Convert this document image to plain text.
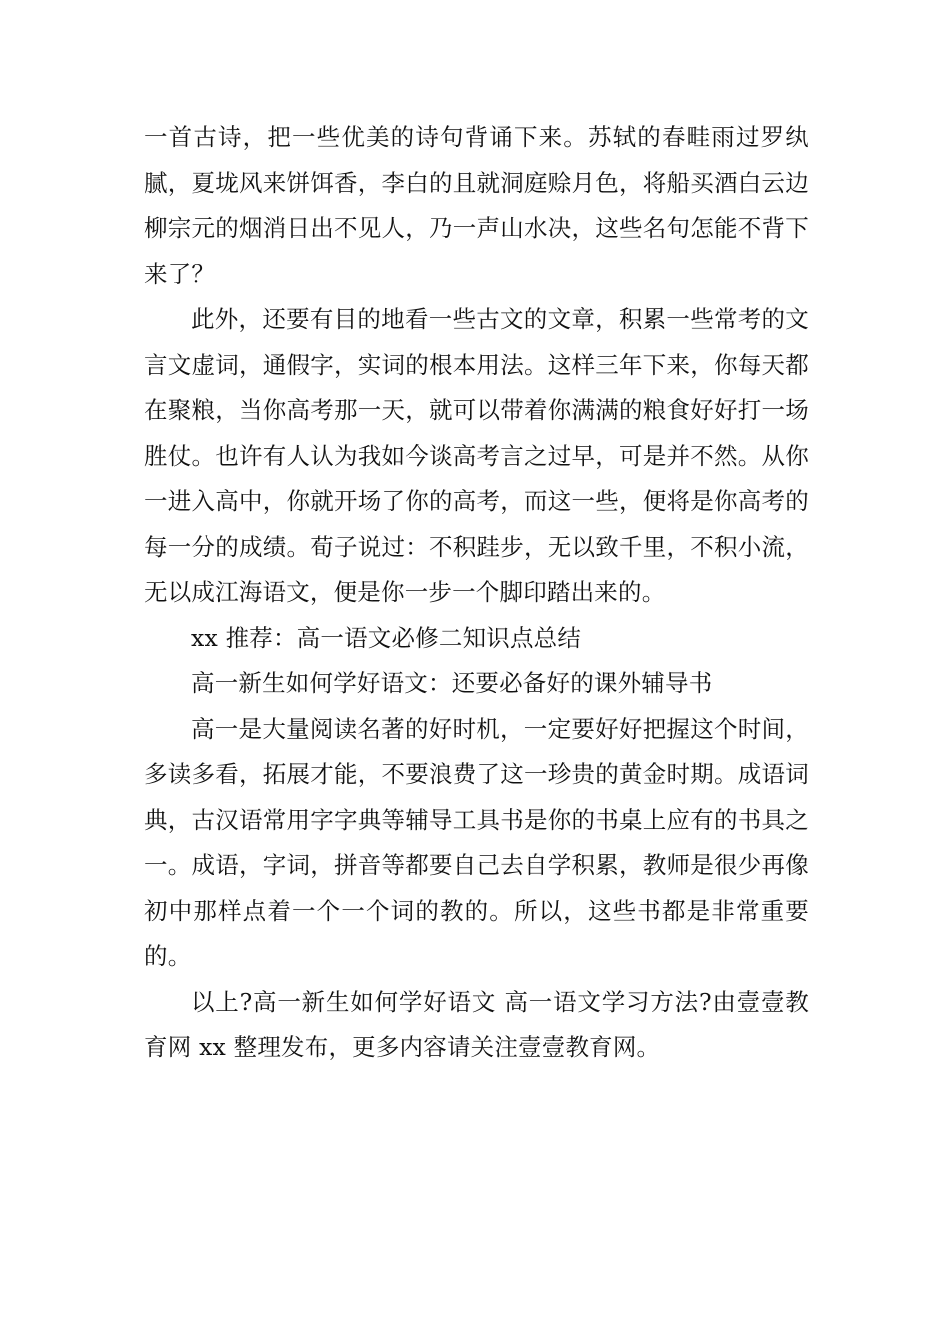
一首古诗，把一些优美的诗句背诵下来。苏轼的春畦雨过罗纨腻，夏垅风来饼饵香，李白的且就洞庭赊月色，将船买酒白云边柳宗元的烟消日出不见人，乃一声山水决，这些名句怎能不背下来了？

此外，还要有目的地看一些古文的文章，积累一些常考的文言文虚词，通假字，实词的根本用法。这样三年下来，你每天都在聚粮，当你高考那一天，就可以带着你满满的粮食好好打一场胜仗。也许有人认为我如今谈高考言之过早，可是并不然。从你一进入高中，你就开场了你的高考，而这一些，便将是你高考的每一分的成绩。荀子说过：不积跬步，无以致千里，不积小流，无以成江海语文，便是你一步一个脚印踏出来的。

xx 推荐：高一语文必修二知识点总结

高一新生如何学好语文：还要必备好的课外辅导书

高一是大量阅读名著的好时机，一定要好好把握这个时间，多读多看，拓展才能，不要浪费了这一珍贵的黄金时期。成语词典，古汉语常用字字典等辅导工具书是你的书桌上应有的书具之一。成语，字词，拼音等都要自己去自学积累，教师是很少再像初中那样点着一个一个词的教的。所以，这些书都是非常重要的。

以上?高一新生如何学好语文 高一语文学习方法?由壹壹教育网 xx 整理发布，更多内容请关注壹壹教育网。
